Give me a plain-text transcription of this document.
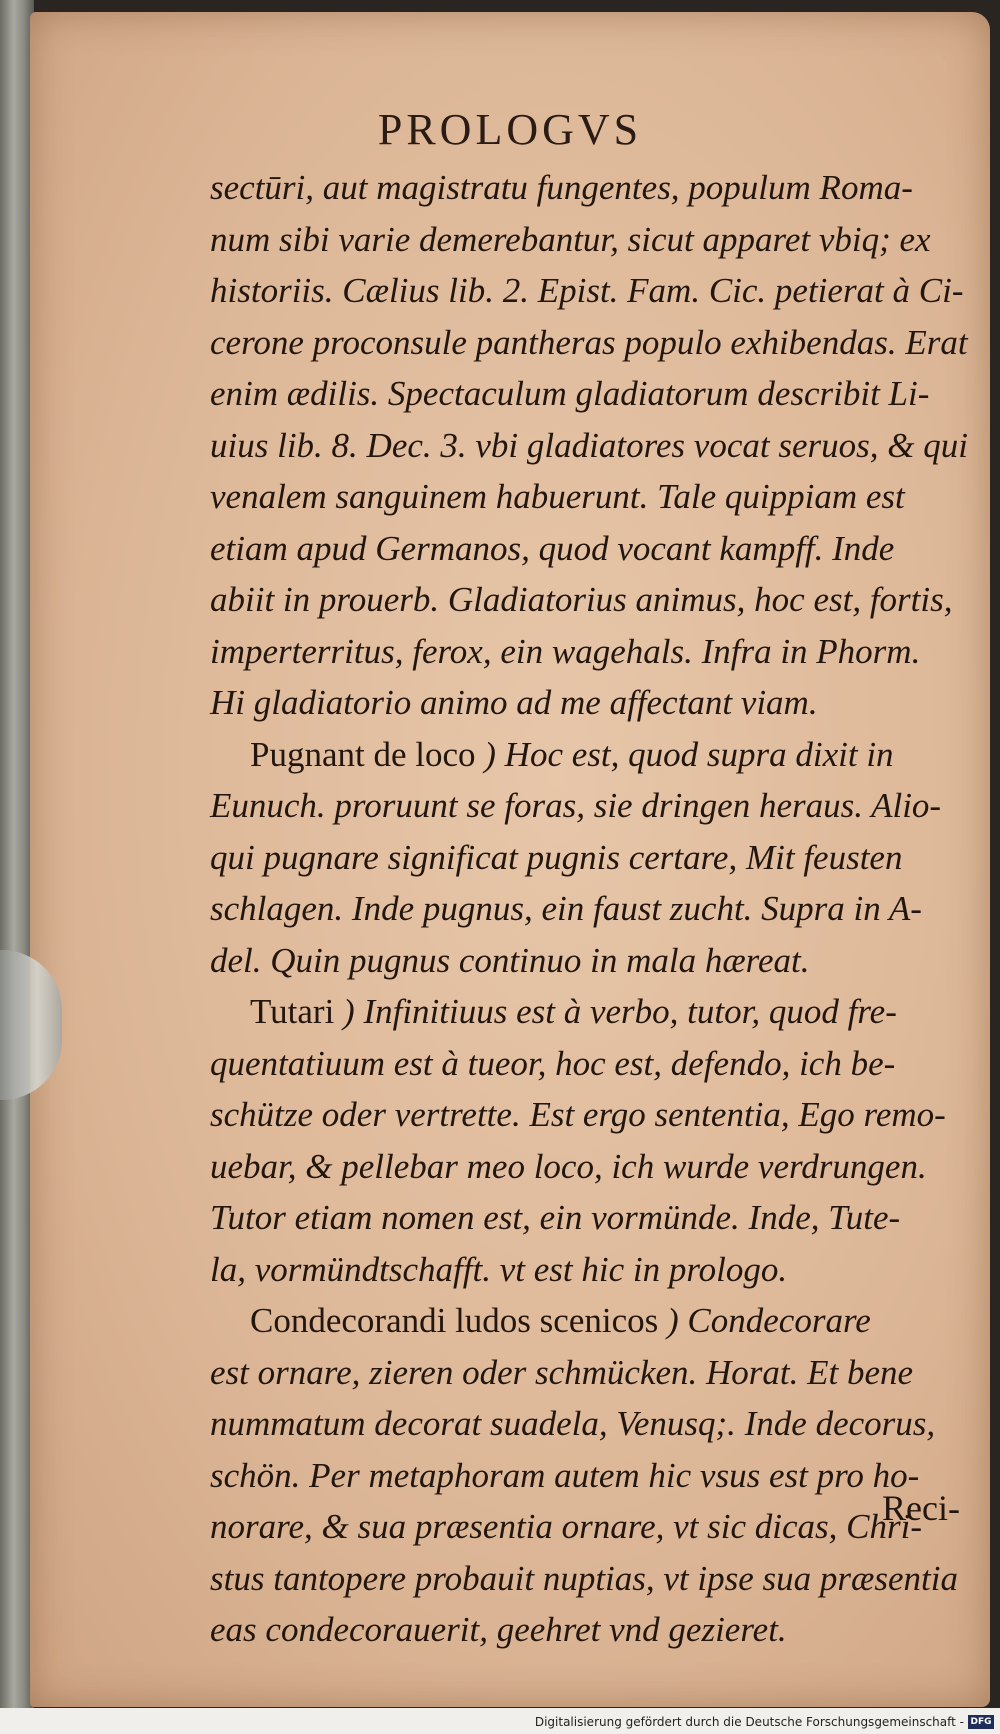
PROLOGVS
sectūri, aut magistratu fungentes, populum Roma-
num sibi varie demerebantur, sicut apparet vbiq; ex
historiis. Cælius lib. 2. Epist. Fam. Cic. petierat à Ci-
cerone proconsule pantheras populo exhibendas. Erat
enim ædilis. Spectaculum gladiatorum describit Li-
uius lib. 8. Dec. 3. vbi gladiatores vocat seruos, & qui
venalem sanguinem habuerunt. Tale quippiam est
etiam apud Germanos, quod vocant kampff. Inde
abiit in prouerb. Gladiatorius animus, hoc est, fortis,
imperterritus, ferox, ein wagehals. Infra in Phorm.
Hi gladiatorio animo ad me affectant viam.
Pugnant de loco ) Hoc est, quod supra dixit in
Eunuch. proruunt se foras, sie dringen heraus. Alio-
qui pugnare significat pugnis certare, Mit feusten
schlagen. Inde pugnus, ein faust zucht. Supra in A-
del. Quin pugnus continuo in mala hæreat.
Tutari ) Infinitiuus est à verbo, tutor, quod fre-
quentatiuum est à tueor, hoc est, defendo, ich be-
schütze oder vertrette. Est ergo sententia, Ego remo-
uebar, & pellebar meo loco, ich wurde verdrungen.
Tutor etiam nomen est, ein vormünde. Inde, Tute-
la, vormündtschafft. vt est hic in prologo.
Condecorandi ludos scenicos ) Condecorare
est ornare, zieren oder schmücken. Horat. Et bene
nummatum decorat suadela, Venusq;. Inde decorus,
schön. Per metaphoram autem hic vsus est pro ho-
norare, & sua præsentia ornare, vt sic dicas, Chri-
stus tantopere probauit nuptias, vt ipse sua præsentia
eas condecorauerit, geehret vnd gezieret.
Reci-
Digitalisierung gefördert durch die Deutsche Forschungsgemeinschaft - DFG
